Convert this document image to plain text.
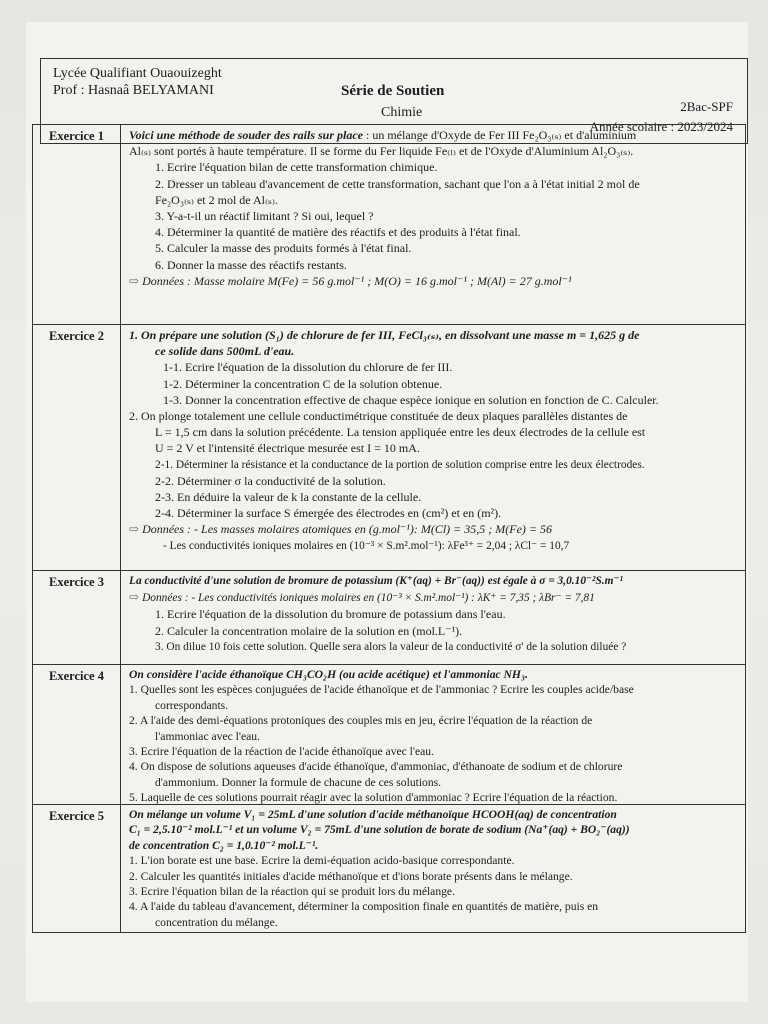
Lycée Qualifiant Ouaouizeght
Prof : Hasnaâ BELYAMANI	Série de Soutien
Chimie	2Bac-SPF
Année scolaire : 2023/2024
Exercice 1	Voici une méthode de souder des rails sur place : un mélange d'Oxyde de Fer III Fe₂O₃₍ₛ₎ et d'aluminium

Al₍ₛ₎ sont portés à haute température. Il se forme du Fer liquide Fe₍ₗ₎ et de l'Oxyde d'Aluminium Al₂O₃₍ₛ₎.

1. Ecrire l'équation bilan de cette transformation chimique.

2. Dresser un tableau d'avancement de cette transformation, sachant que l'on a à l'état initial 2 mol de

Fe₂O₃₍ₛ₎ et 2 mol de Al₍ₛ₎.

3. Y-a-t-il un réactif limitant ? Si oui, lequel ?

4. Déterminer la quantité de matière des réactifs et des produits à l'état final.

5. Calculer la masse des produits formés à l'état final.

6. Donner la masse des réactifs restants.

⇨ Données : Masse molaire M(Fe) = 56 g.mol⁻¹ ; M(O) = 16 g.mol⁻¹ ; M(Al) = 27 g.mol⁻¹

Exercice 2	1. On prépare une solution (S₁) de chlorure de fer III, FeCl₃₍ₛ₎, en dissolvant une masse m = 1,625 g de

ce solide dans 500mL d'eau.

1-1. Ecrire l'équation de la dissolution du chlorure de fer III.

1-2. Déterminer la concentration C de la solution obtenue.

1-3. Donner la concentration effective de chaque espèce ionique en solution en fonction de C. Calculer.

2. On plonge totalement une cellule conductimétrique constituée de deux plaques parallèles distantes de

L = 1,5 cm dans la solution précédente. La tension appliquée entre les deux électrodes de la cellule est

U = 2 V et l'intensité électrique mesurée est I = 10 mA.

2-1. Déterminer la résistance et la conductance de la portion de solution comprise entre les deux électrodes.

2-2. Déterminer σ la conductivité de la solution.

2-3. En déduire la valeur de k la constante de la cellule.

2-4. Déterminer la surface S émergée des électrodes en (cm²) et en (m²).

⇨ Données : - Les masses molaires atomiques en (g.mol⁻¹): M(Cl) = 35,5 ; M(Fe) = 56

- Les conductivités ioniques molaires en (10⁻³ × S.m².mol⁻¹): λFe³⁺ = 2,04 ; λCl⁻ = 10,7

Exercice 3	La conductivité d'une solution de bromure de potassium (K⁺(aq) + Br⁻(aq)) est égale à σ = 3,0.10⁻²S.m⁻¹

⇨ Données : - Les conductivités ioniques molaires en (10⁻³ × S.m².mol⁻¹) : λK⁺ = 7,35 ; λBr⁻ = 7,81

1. Ecrire l'équation de la dissolution du bromure de potassium dans l'eau.

2. Calculer la concentration molaire de la solution en (mol.L⁻¹).

3. On dilue 10 fois cette solution. Quelle sera alors la valeur de la conductivité σ' de la solution diluée ?

Exercice 4	On considère l'acide éthanoïque CH₃CO₂H (ou acide acétique) et l'ammoniac NH₃.

1. Quelles sont les espèces conjuguées de l'acide éthanoïque et de l'ammoniac ? Ecrire les couples acide/base

correspondants.

2. A l'aide des demi-équations protoniques des couples mis en jeu, écrire l'équation de la réaction de

l'ammoniac avec l'eau.

3. Ecrire l'équation de la réaction de l'acide éthanoïque avec l'eau.

4. On dispose de solutions aqueuses d'acide éthanoïque, d'ammoniac, d'éthanoate de sodium et de chlorure

d'ammonium. Donner la formule de chacune de ces solutions.

5. Laquelle de ces solutions pourrait réagir avec la solution d'ammoniac ? Ecrire l'équation de la réaction.

Exercice 5	On mélange un volume V₁ = 25mL d'une solution d'acide méthanoïque HCOOH(aq) de concentration

C₁ = 2,5.10⁻² mol.L⁻¹ et un volume V₂ = 75mL d'une solution de borate de sodium (Na⁺(aq) + BO₂⁻(aq))

de concentration C₂ = 1,0.10⁻² mol.L⁻¹.

1. L'ion borate est une base. Ecrire la demi-équation acido-basique correspondante.

2. Calculer les quantités initiales d'acide méthanoïque et d'ions borate présents dans le mélange.

3. Ecrire l'équation bilan de la réaction qui se produit lors du mélange.

4. A l'aide du tableau d'avancement, déterminer la composition finale en quantités de matière, puis en

concentration du mélange.
